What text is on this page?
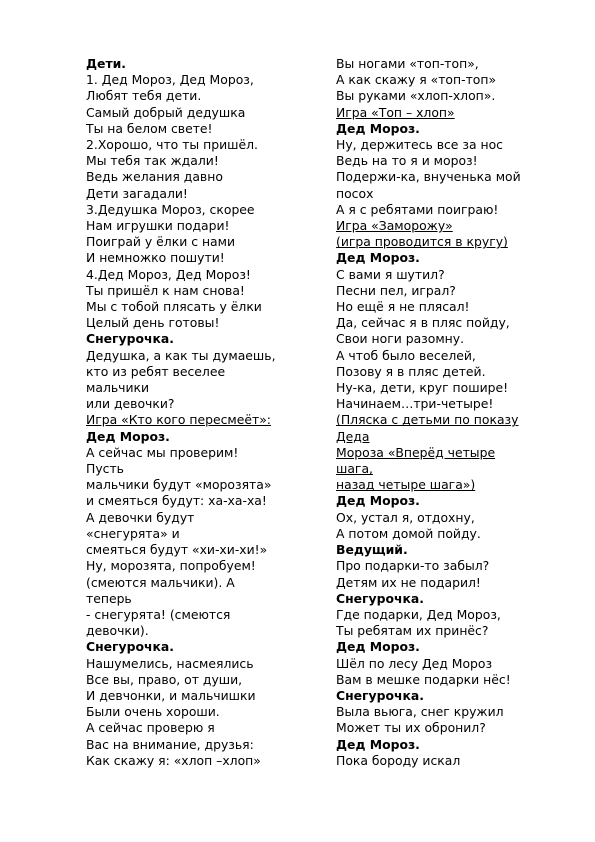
Дети.
1. Дед Мороз, Дед Мороз,
Любят тебя дети.
Самый добрый дедушка
Ты на белом свете!
2.Хорошо, что ты пришёл.
Мы тебя так ждали!
Ведь желания давно
Дети загадали!
3.Дедушка Мороз, скорее
Нам игрушки подари!
Поиграй у ёлки с нами
И немножко пошути!
4.Дед Мороз, Дед Мороз!
Ты пришёл к нам снова!
Мы с тобой плясать у ёлки
Целый день готовы!
Снегурочка.
Дедушка, а как ты думаешь,
кто из ребят веселее
мальчики
или девочки?
Игра «Кто кого пересмеёт»:
Дед Мороз.
А сейчас мы проверим!
Пусть
мальчики будут «морозята»
и смеяться будут: ха-ха-ха!
А девочки будут
«снегурята» и
смеяться будут «хи-хи-хи!»
Ну, морозята, попробуем!
(смеются мальчики). А
теперь
- снегурята! (смеются
девочки).
Снегурочка.
Нашумелись, насмеялись
Все вы, право, от души,
И девчонки, и мальчишки
Были очень хороши.
А сейчас проверю я
Вас на внимание, друзья:
Как скажу я: «хлоп –хлоп»
Вы ногами «топ-топ»,
А как скажу я «топ-топ»
Вы руками «хлоп-хлоп».
Игра «Топ – хлоп»
Дед Мороз.
Ну, держитесь все за нос
Ведь на то я и мороз!
Подержи-ка, внученька мой
посох
А я с ребятами поиграю!
Игра «Заморожу»
(игра проводится в кругу)
Дед Мороз.
С вами я шутил?
Песни пел, играл?
Но ещё я не плясал!
Да, сейчас я в пляс пойду,
Свои ноги разомну.
А чтоб было веселей,
Позову я в пляс детей.
Ну-ка, дети, круг пошире!
Начинаем…три-четыре!
(Пляска с детьми по показу
Деда
Мороза «Вперёд четыре
шага,
назад четыре шага»)
Дед Мороз.
Ох, устал я, отдохну,
А потом домой пойду.
Ведущий.
Про подарки-то забыл?
Детям их не подарил!
Снегурочка.
Где подарки, Дед Мороз,
Ты ребятам их принёс?
Дед Мороз.
Шёл по лесу Дед Мороз
Вам в мешке подарки нёс!
Снегурочка.
Выла вьюга, снег кружил
Может ты их обронил?
Дед Мороз.
Пока бороду искал
